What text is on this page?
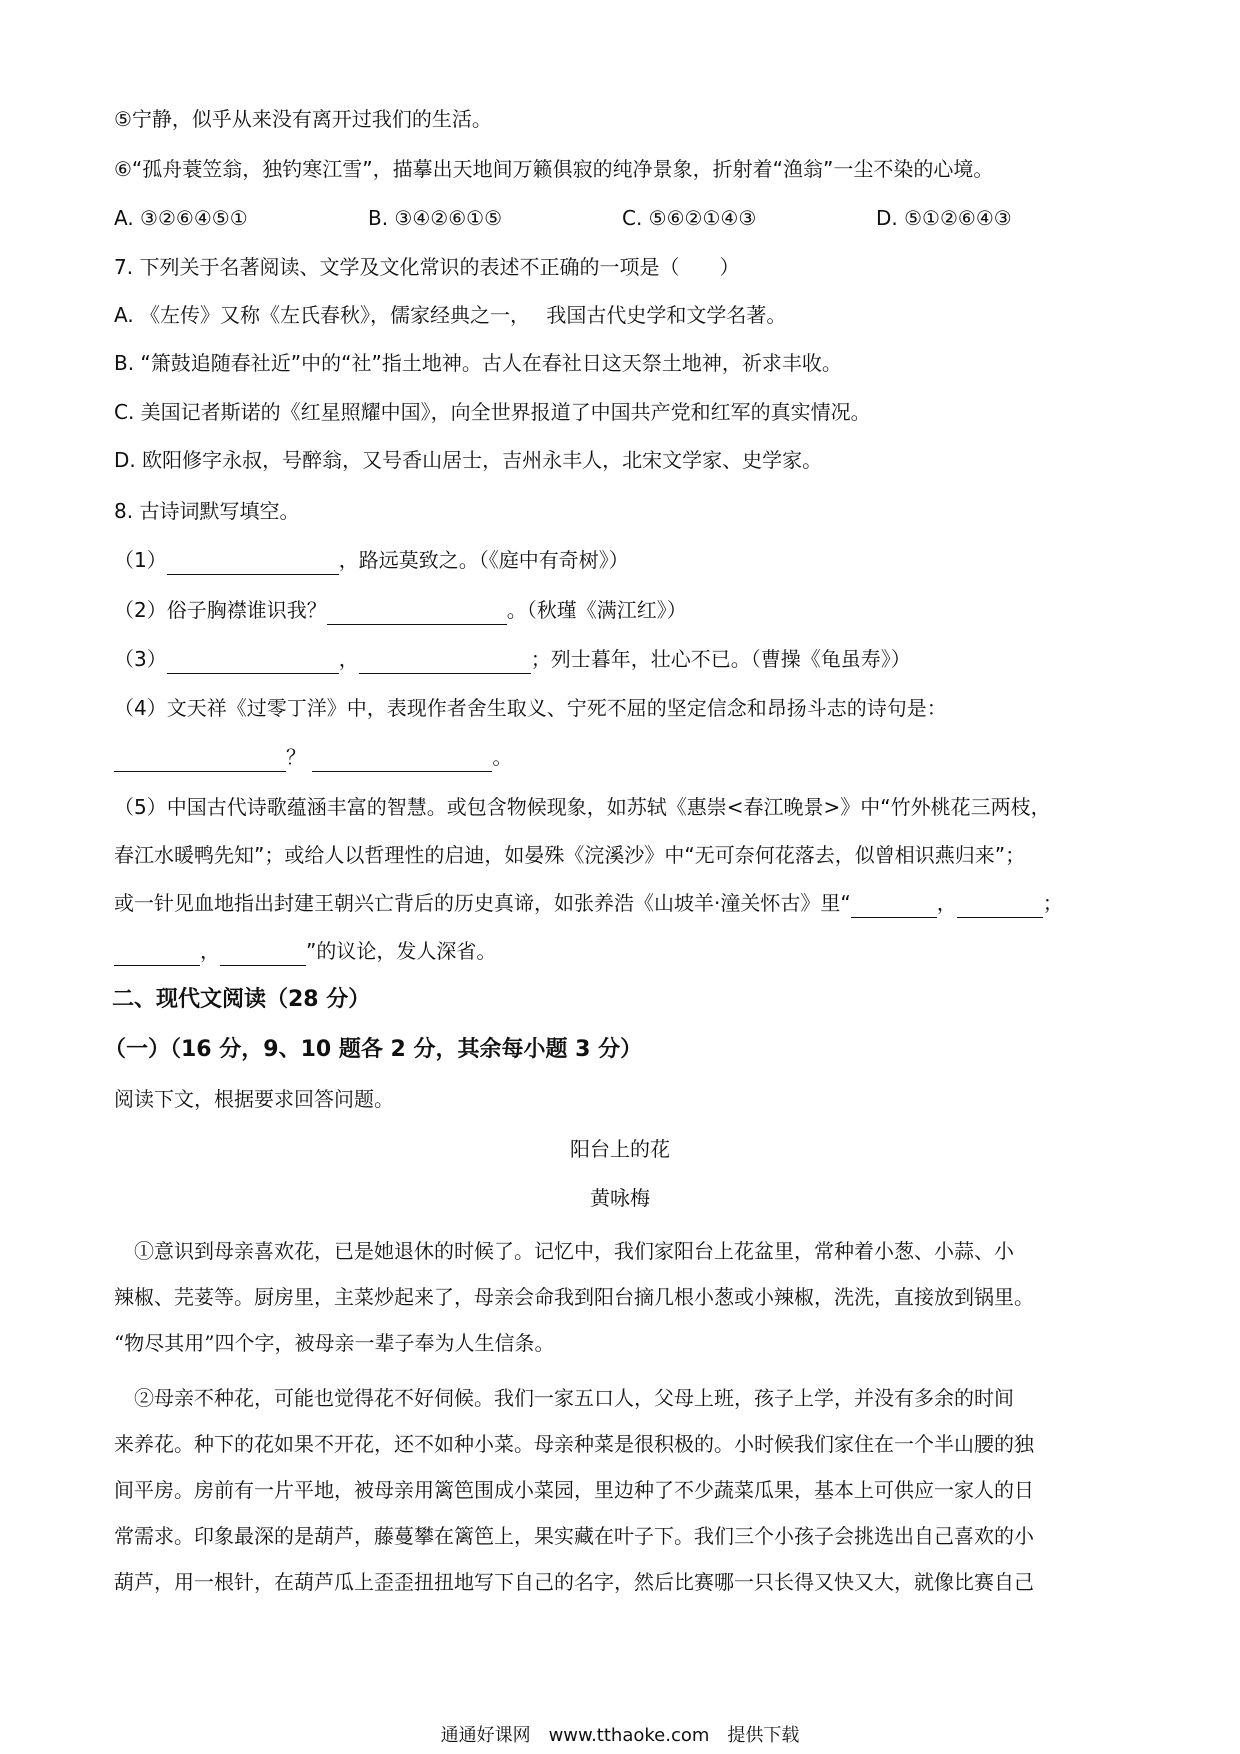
⑤宁静，似乎从来没有离开过我们的生活。
⑥“孤舟蓑笠翁，独钓寒江雪”，描摹出天地间万籁俱寂的纯净景象，折射着“渔翁”一尘不染的心境。
A. ③②⑥④⑤①	B. ③④②⑥①⑤	C. ⑤⑥②①④③	D. ⑤①②⑥④③
7. 下列关于名著阅读、文学及文化常识的表述不正确的一项是（　　）
A. 《左传》又称《左氏春秋》，儒家经典之一，　 我国古代史学和文学名著。
B. “箫鼓追随春社近”中的“社”指土地神。古人在春社日这天祭土地神，祈求丰收。
C. 美国记者斯诺的《红星照耀中国》，向全世界报道了中国共产党和红军的真实情况。
D. 欧阳修字永叔，号醉翁，又号香山居士，吉州永丰人，北宋文学家、史学家。
8. 古诗词默写填空。
（1）	，路远莫致之。（《庭中有奇树》）
（2）俗子胸襟谁识我？	。（秋瑾《满江红》）
（3）	，	；列士暮年，壮心不已。（曹操《龟虽寿》）
（4）文天祥《过零丁洋》中，表现作者舍生取义、宁死不屈的坚定信念和昂扬斗志的诗句是：
？	。
（5）中国古代诗歌蕴涵丰富的智慧。或包含物候现象，如苏轼《惠崇<春江晚景>》中“竹外桃花三两枝，
春江水暖鸭先知”；或给人以哲理性的启迪，如晏殊《浣溪沙》中“无可奈何花落去，似曾相识燕归来”；
或一针见血地指出封建王朝兴亡背后的历史真谛，如张养浩《山坡羊·潼关怀古》里“	，	；
，	”的议论，发人深省。
二、现代文阅读（28 分）
（一）（16 分，9、10 题各 2 分，其余每小题 3 分）
阅读下文，根据要求回答问题。
阳台上的花
黄咏梅
　①意识到母亲喜欢花，已是她退休的时候了。记忆中，我们家阳台上花盆里，常种着小葱、小蒜、小
辣椒、芫荽等。厨房里，主菜炒起来了，母亲会命我到阳台摘几根小葱或小辣椒，洗洗，直接放到锅里。
“物尽其用”四个字，被母亲一辈子奉为人生信条。
　②母亲不种花，可能也觉得花不好伺候。我们一家五口人，父母上班，孩子上学，并没有多余的时间
来养花。种下的花如果不开花，还不如种小菜。母亲种菜是很积极的。小时候我们家住在一个半山腰的独
间平房。房前有一片平地，被母亲用篱笆围成小菜园，里边种了不少蔬菜瓜果，基本上可供应一家人的日
常需求。印象最深的是葫芦，藤蔓攀在篱笆上，果实藏在叶子下。我们三个小孩子会挑选出自己喜欢的小
葫芦，用一根针，在葫芦瓜上歪歪扭扭地写下自己的名字，然后比赛哪一只长得又快又大，就像比赛自己
通通好课网　www.tthaoke.com　提供下载
